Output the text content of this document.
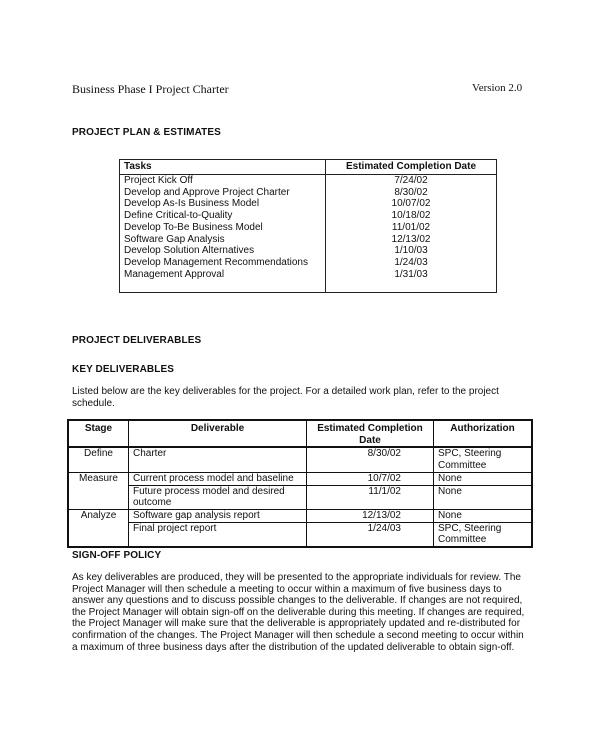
Business Phase I Project Charter	Version 2.0
PROJECT PLAN & ESTIMATES
Tasks	Estimated Completion Date
Project Kick Off	7/24/02
Develop and Approve Project Charter	8/30/02
Develop As-Is Business Model	10/07/02
Define Critical-to-Quality	10/18/02
Develop To-Be Business Model	11/01/02
Software Gap Analysis	12/13/02
Develop Solution Alternatives	1/10/03
Develop Management Recommendations	1/24/03
Management Approval	1/31/03

PROJECT DELIVERABLES
KEY DELIVERABLES
Listed below are the key deliverables for the project. For a detailed work plan, refer to the project schedule.
Stage	Deliverable	Estimated Completion Date	Authorization
Define	Charter	8/30/02	SPC, Steering Committee
Measure	Current process model and baseline	10/7/02	None
	Future process model and desired outcome	11/1/02	None
Analyze	Software gap analysis report	12/13/02	None
	Final project report	1/24/03	SPC, Steering Committee
SIGN-OFF POLICY
As key deliverables are produced, they will be presented to the appropriate individuals for review. The Project Manager will then schedule a meeting to occur within a maximum of five business days to answer any questions and to discuss possible changes to the deliverable. If changes are not required, the Project Manager will obtain sign-off on the deliverable during this meeting. If changes are required, the Project Manager will make sure that the deliverable is appropriately updated and re-distributed for confirmation of the changes. The Project Manager will then schedule a second meeting to occur within a maximum of three business days after the distribution of the updated deliverable to obtain sign-off.
